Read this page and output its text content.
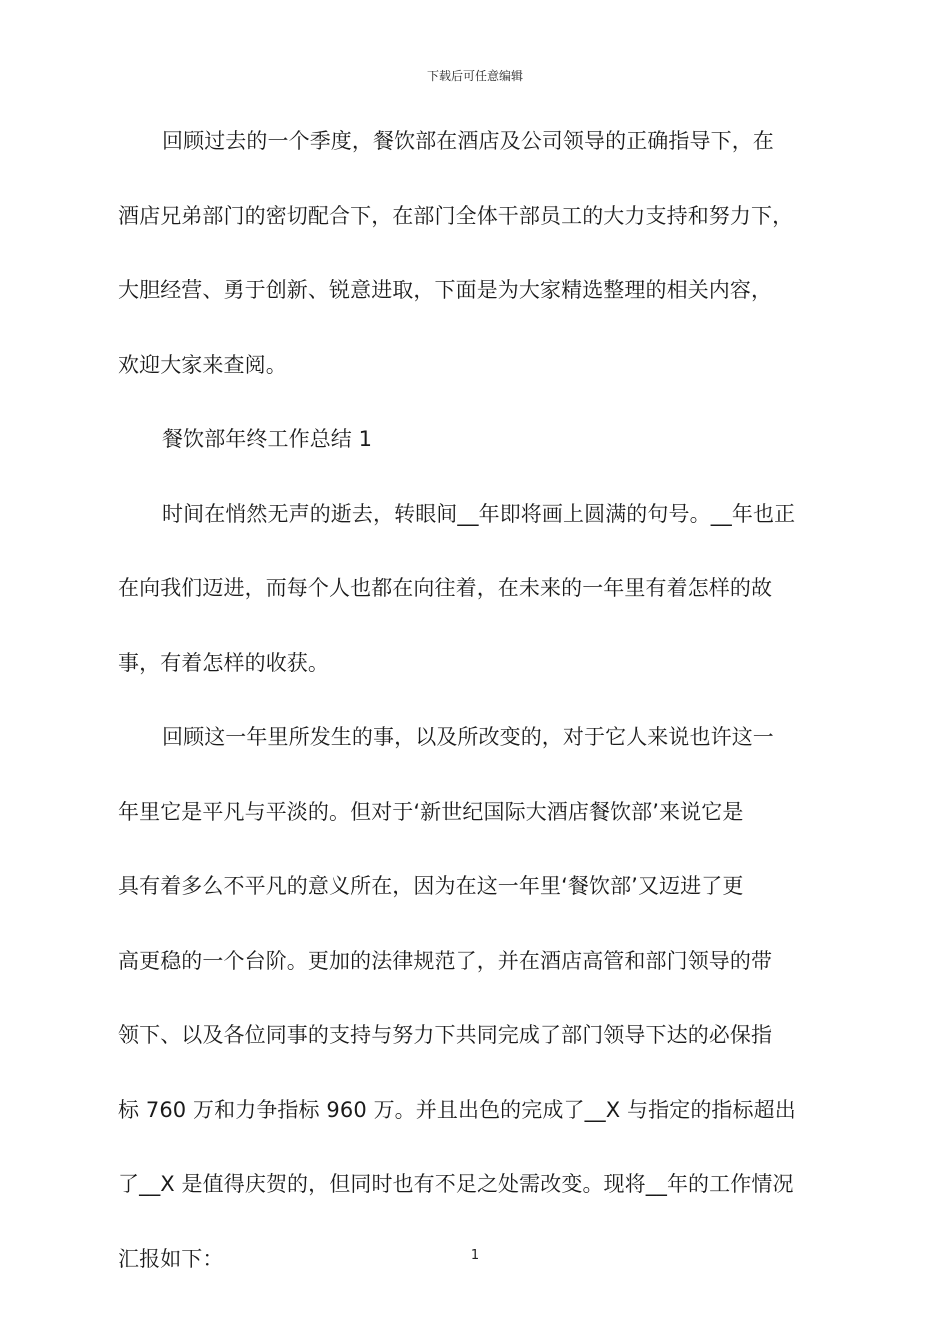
下载后可任意编辑

回顾过去的一个季度，餐饮部在酒店及公司领导的正确指导下，在
酒店兄弟部门的密切配合下，在部门全体干部员工的大力支持和努力下，
大胆经营、勇于创新、锐意进取，下面是为大家精选整理的相关内容，
欢迎大家来查阅。

餐饮部年终工作总结 1

时间在悄然无声的逝去，转眼间__年即将画上圆满的句号。__年也正
在向我们迈进，而每个人也都在向往着，在未来的一年里有着怎样的故
事，有着怎样的收获。

回顾这一年里所发生的事，以及所改变的，对于它人来说也许这一
年里它是平凡与平淡的。但对于‘新世纪国际大酒店餐饮部’来说它是
具有着多么不平凡的意义所在，因为在这一年里‘餐饮部’又迈进了更
高更稳的一个台阶。更加的法律规范了，并在酒店高管和部门领导的带
领下、以及各位同事的支持与努力下共同完成了部门领导下达的必保指
标 760 万和力争指标 960 万。并且出色的完成了__X 与指定的指标超出
了__X 是值得庆贺的，但同时也有不足之处需改变。现将__年的工作情况
汇报如下：	1
